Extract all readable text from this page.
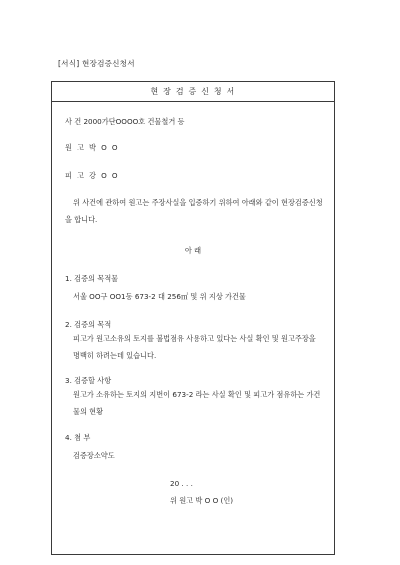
[서식] 현장검증신청서
현 장 검 증 신 청 서
사 건 2000가단OOOO호 건물철거 등
원 고 박 O O
피 고 강 O O
위 사건에 관하여 원고는 주장사실을 입증하기 위하여 아래와 같이 현장검증신청을 합니다.
아 래
1. 검증의 목적물
서울 OO구 OO1동 673-2 대 256㎡ 및 위 지상 가건물
2. 검증의 목적
피고가 원고소유의 토지를 불법점유 사용하고 있다는 사실 확인 및 원고주장을 명백히 하려는데 있습니다.
3. 검증할 사항
원고가 소유하는 토지의 지번이 673-2 라는 사실 확인 및 피고가 점유하는 가건물의 현황
4. 첨 부
검증장소약도
20 . . .
위 원고 박 O O (인)
